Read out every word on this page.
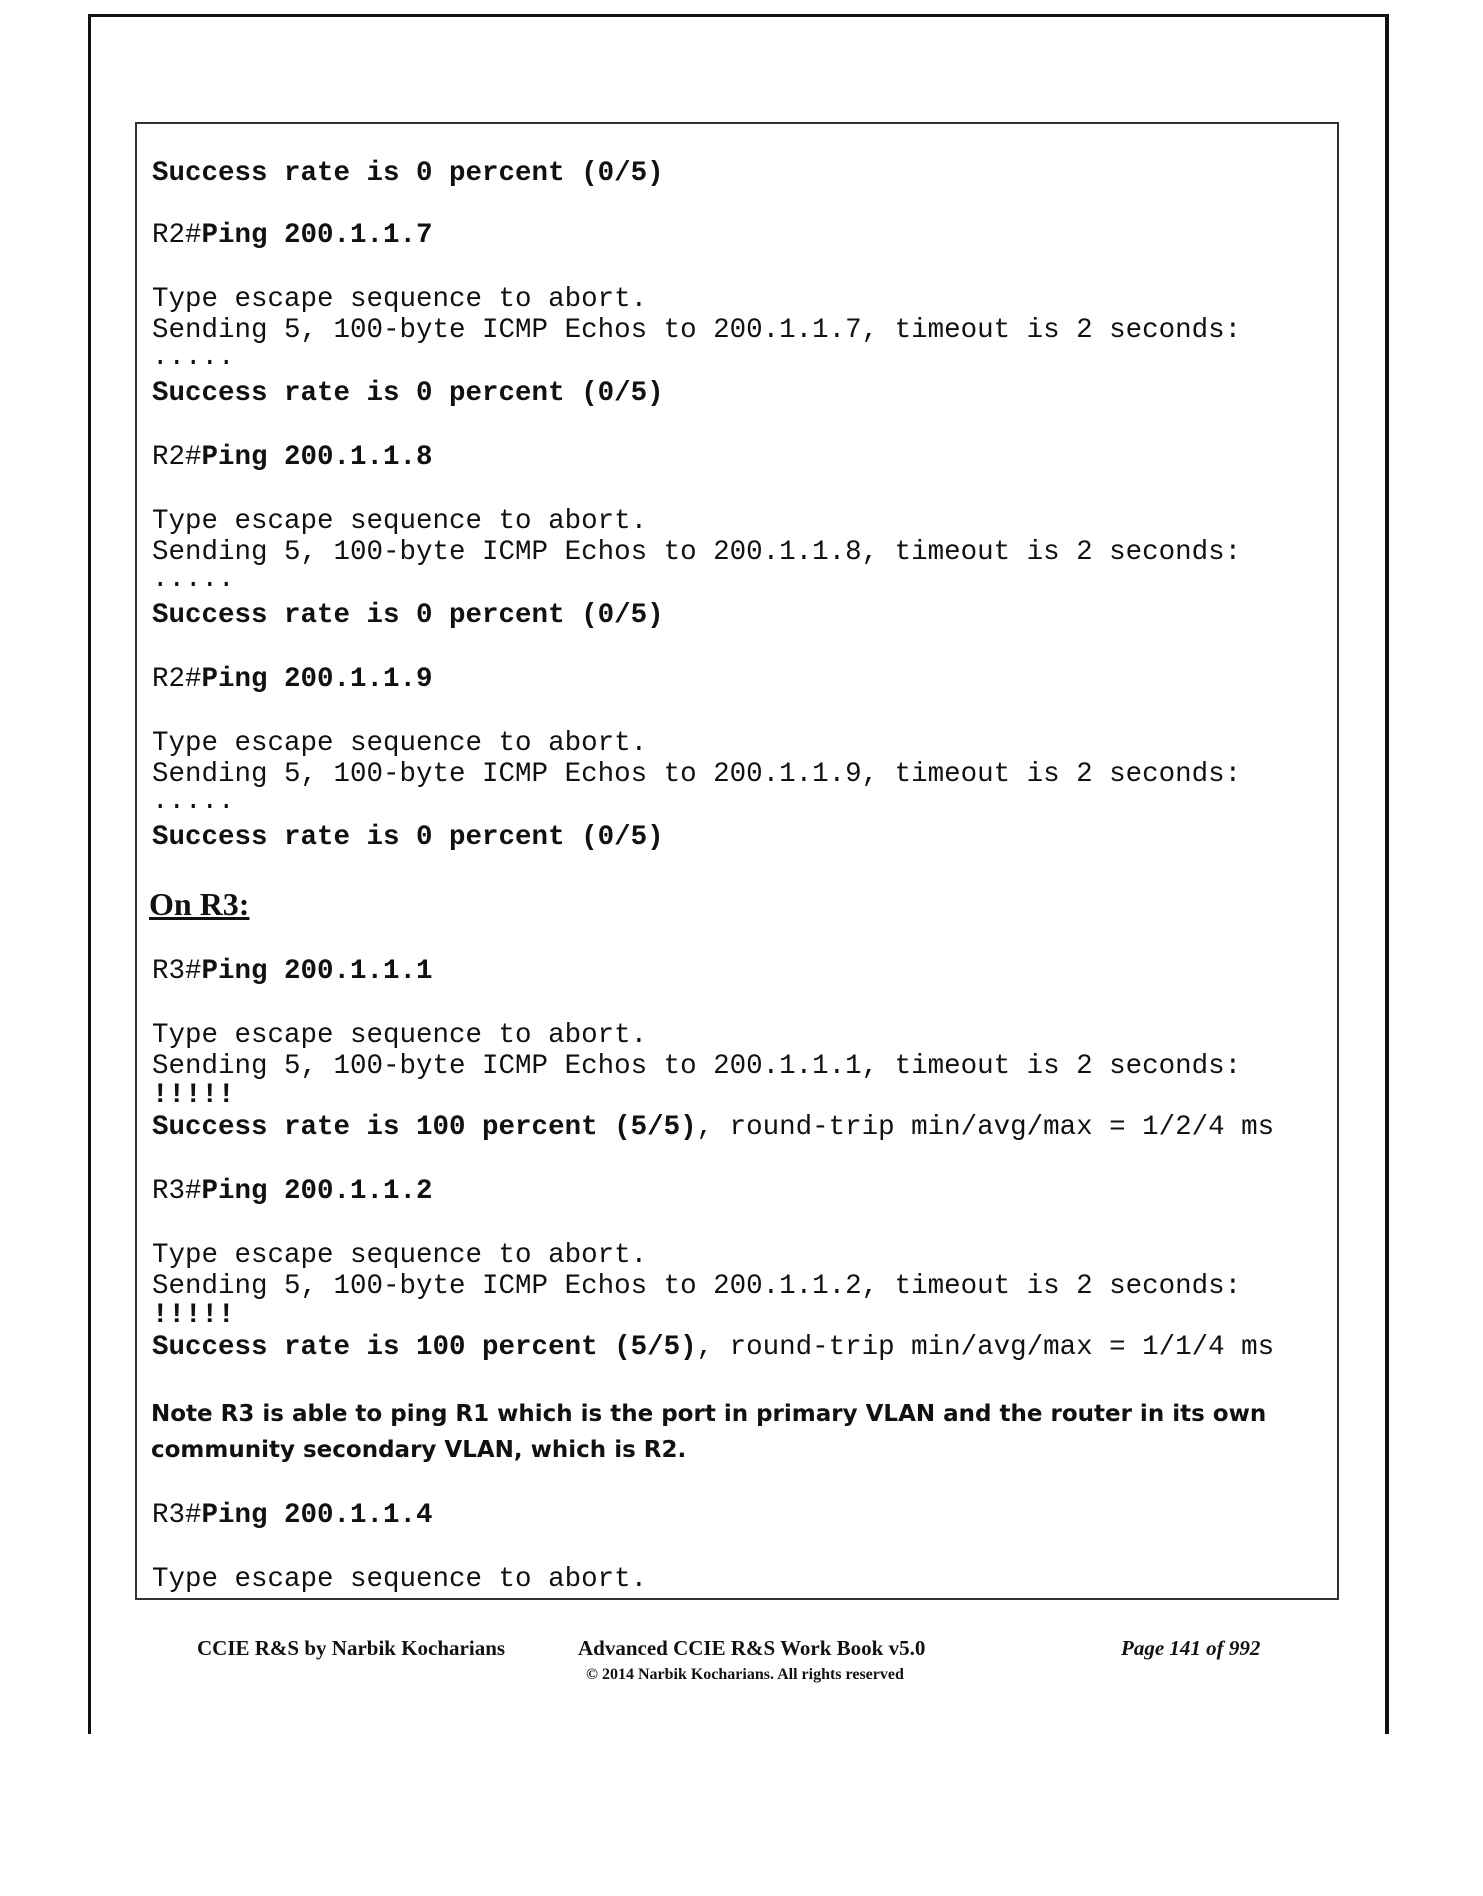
Success rate is 0 percent (0/5)
R2#Ping 200.1.1.7
Type escape sequence to abort.
Sending 5, 100-byte ICMP Echos to 200.1.1.7, timeout is 2 seconds:
.....
Success rate is 0 percent (0/5)
R2#Ping 200.1.1.8
Type escape sequence to abort.
Sending 5, 100-byte ICMP Echos to 200.1.1.8, timeout is 2 seconds:
.....
Success rate is 0 percent (0/5)
R2#Ping 200.1.1.9
Type escape sequence to abort.
Sending 5, 100-byte ICMP Echos to 200.1.1.9, timeout is 2 seconds:
.....
Success rate is 0 percent (0/5)
On R3:
R3#Ping 200.1.1.1
Type escape sequence to abort.
Sending 5, 100-byte ICMP Echos to 200.1.1.1, timeout is 2 seconds:
!!!!!
Success rate is 100 percent (5/5), round-trip min/avg/max = 1/2/4 ms
R3#Ping 200.1.1.2
Type escape sequence to abort.
Sending 5, 100-byte ICMP Echos to 200.1.1.2, timeout is 2 seconds:
!!!!!
Success rate is 100 percent (5/5), round-trip min/avg/max = 1/1/4 ms
Note R3 is able to ping R1 which is the port in primary VLAN and the router in its own community secondary VLAN, which is R2.
R3#Ping 200.1.1.4
Type escape sequence to abort.
CCIE R&S by Narbik Kocharians	Advanced CCIE R&S Work Book v5.0
© 2014 Narbik Kocharians. All rights reserved
Page 141 of 992
